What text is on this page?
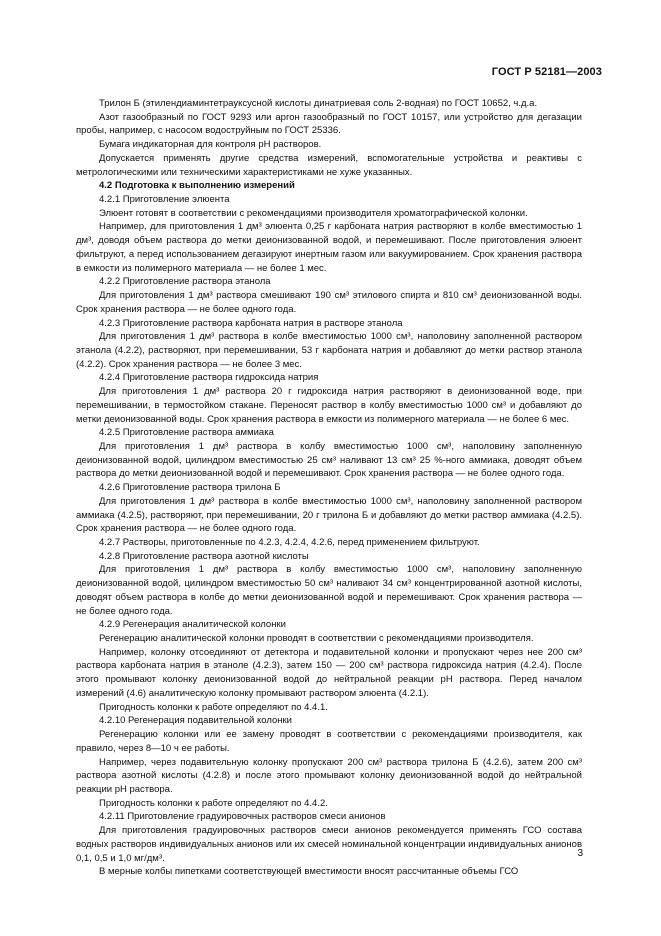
ГОСТ Р 52181—2003

Трилон Б (этилендиаминтетрауксусной кислоты динатриевая соль 2-водная) по ГОСТ 10652, ч.д.а.

Азот газообразный по ГОСТ 9293 или аргон газообразный по ГОСТ 10157, или устройство для дегазации пробы, например, с насосом водоструйным по ГОСТ 25336.

Бумага индикаторная для контроля рН растворов.

Допускается применять другие средства измерений, вспомогательные устройства и реактивы с метрологическими или техническими характеристиками не хуже указанных.

4.2 Подготовка к выполнению измерений

4.2.1 Приготовление элюента

Элюент готовят в соответствии с рекомендациями производителя хроматографической колонки.

Например, для приготовления 1 дм³ элюента 0,25 г карбоната натрия растворяют в колбе вместимостью 1 дм³, доводя объем раствора до метки деионизованной водой, и перемешивают. После приготовления элюент фильтруют, а перед использованием дегазируют инертным газом или вакуумированием. Срок хранения раствора в емкости из полимерного материала — не более 1 мес.

4.2.2 Приготовление раствора этанола

Для приготовления 1 дм³ раствора смешивают 190 см³ этилового спирта и 810 см³ деионизованной воды. Срок хранения раствора — не более одного года.

4.2.3 Приготовление раствора карбоната натрия в растворе этанола

Для приготовления 1 дм³ раствора в колбе вместимостью 1000 см³, наполовину заполненной раствором этанола (4.2.2), растворяют, при перемешивании, 53 г карбоната натрия и добавляют до метки раствор этанола (4.2.2). Срок хранения раствора — не более 3 мес.

4.2.4 Приготовление раствора гидроксида натрия

Для приготовления 1 дм³ раствора 20 г гидроксида натрия растворяют в деионизованной воде, при перемешивании, в термостойком стакане. Переносят раствор в колбу вместимостью 1000 см³ и добавляют до метки деионизованной воды. Срок хранения раствора в емкости из полимерного материала — не более 6 мес.

4.2.5 Приготовление раствора аммиака

Для приготовления 1 дм³ раствора в колбу вместимостью 1000 см³, наполовину заполненную деионизованной водой, цилиндром вместимостью 25 см³ наливают 13 см³ 25 %-ного аммиака, доводят объем раствора до метки деионизованной водой и перемешивают. Срок хранения раствора — не более одного года.

4.2.6 Приготовление раствора трилона Б

Для приготовления 1 дм³ раствора в колбе вместимостью 1000 см³, наполовину заполненной раствором аммиака (4.2.5), растворяют, при перемешивании, 20 г трилона Б и добавляют до метки раствор аммиака (4.2.5). Срок хранения раствора — не более одного года.

4.2.7 Растворы, приготовленные по 4.2.3, 4.2.4, 4.2.6, перед применением фильтруют.

4.2.8 Приготовление раствора азотной кислоты

Для приготовления 1 дм³ раствора в колбу вместимостью 1000 см³, наполовину заполненную деионизованной водой, цилиндром вместимостью 50 см³ наливают 34 см³ концентрированной азотной кислоты, доводят объем раствора в колбе до метки деионизованной водой и перемешивают. Срок хранения раствора — не более одного года.

4.2.9 Регенерация аналитической колонки

Регенерацию аналитической колонки проводят в соответствии с рекомендациями производителя.

Например, колонку отсоединяют от детектора и подавительной колонки и пропускают через нее 200 см³ раствора карбоната натрия в этаноле (4.2.3), затем 150 — 200 см³ раствора гидроксида натрия (4.2.4). После этого промывают колонку деионизованной водой до нейтральной реакции рН раствора. Перед началом измерений (4.6) аналитическую колонку промывают раствором элюента (4.2.1).

Пригодность колонки к работе определяют по 4.4.1.

4.2.10 Регенерация подавительной колонки

Регенерацию колонки или ее замену проводят в соответствии с рекомендациями производителя, как правило, через 8—10 ч ее работы.

Например, через подавительную колонку пропускают 200 см³ раствора трилона Б (4.2.6), затем 200 см³ раствора азотной кислоты (4.2.8) и после этого промывают колонку деионизованной водой до нейтральной реакции рН раствора.

Пригодность колонки к работе определяют по 4.4.2.

4.2.11 Приготовление градуировочных растворов смеси анионов

Для приготовления градуировочных растворов смеси анионов рекомендуется применять ГСО состава водных растворов индивидуальных анионов или их смесей номинальной концентрации индивидуальных анионов 0,1, 0,5 и 1,0 мг/дм³.

В мерные колбы пипетками соответствующей вместимости вносят рассчитанные объемы ГСО

3
